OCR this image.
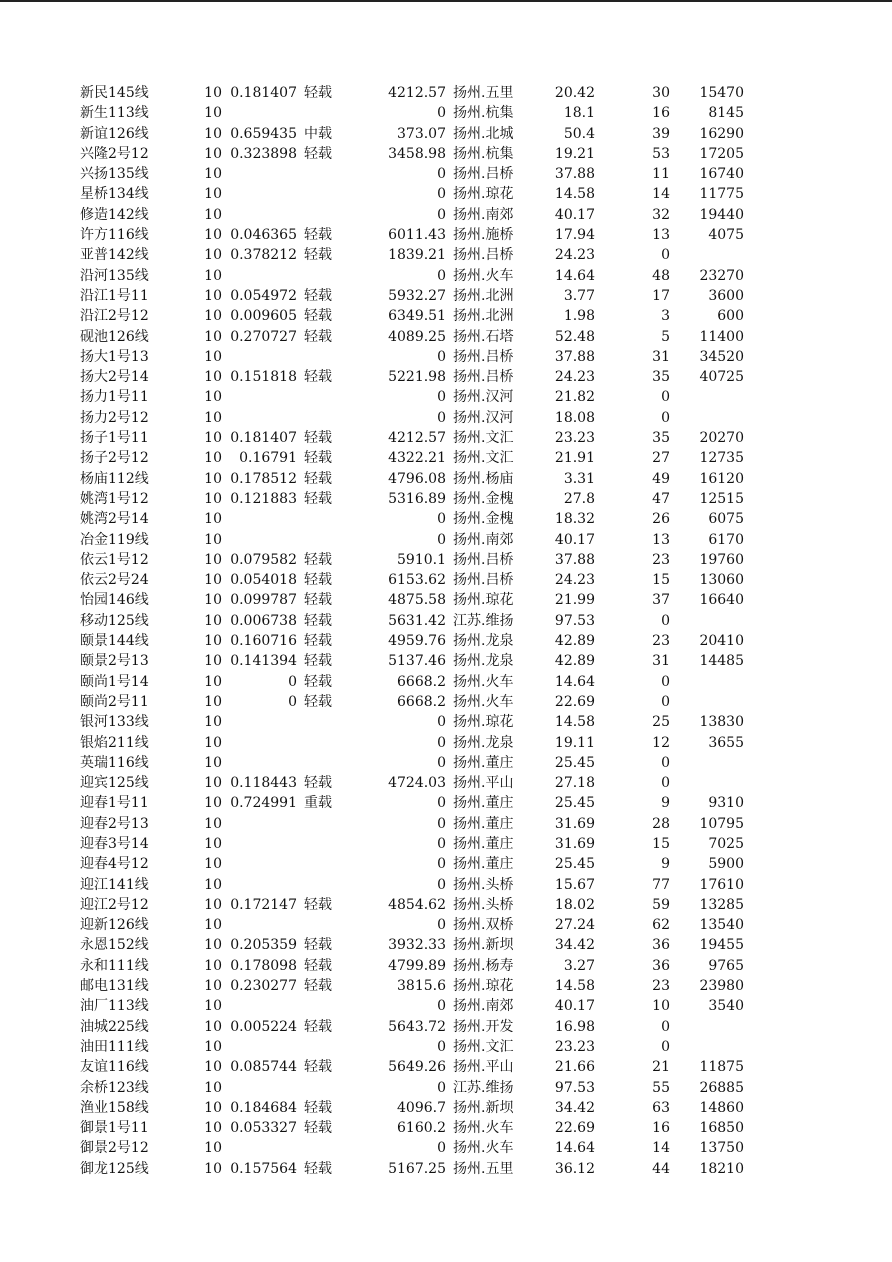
新民145线	10 0.181407 轻载	4212.57 扬州.五里	20.42	30	15470
新生113线	10	0 扬州.杭集	18.1	16	8145
新谊126线	10 0.659435 中载	373.07 扬州.北城	50.4	39	16290
兴隆2号12	10 0.323898 轻载	3458.98 扬州.杭集	19.21	53	17205
兴扬135线	10	0 扬州.吕桥	37.88	11	16740
星桥134线	10	0 扬州.琼花	14.58	14	11775
修造142线	10	0 扬州.南郊	40.17	32	19440
许方116线	10 0.046365 轻载	6011.43 扬州.施桥	17.94	13	4075
亚普142线	10 0.378212 轻载	1839.21 扬州.吕桥	24.23	0
沿河135线	10	0 扬州.火车	14.64	48	23270
沿江1号11	10 0.054972 轻载	5932.27 扬州.北洲	3.77	17	3600
沿江2号12	10 0.009605 轻载	6349.51 扬州.北洲	1.98	3	600
砚池126线	10 0.270727 轻载	4089.25 扬州.石塔	52.48	5	11400
扬大1号13	10	0 扬州.吕桥	37.88	31	34520
扬大2号14	10 0.151818 轻载	5221.98 扬州.吕桥	24.23	35	40725
扬力1号11	10	0 扬州.汉河	21.82	0
扬力2号12	10	0 扬州.汉河	18.08	0
扬子1号11	10 0.181407 轻载	4212.57 扬州.文汇	23.23	35	20270
扬子2号12	10	0.16791 轻载	4322.21 扬州.文汇	21.91	27	12735
杨庙112线	10 0.178512 轻载	4796.08 扬州.杨庙	3.31	49	16120
姚湾1号12	10 0.121883 轻载	5316.89 扬州.金槐	27.8	47	12515
姚湾2号14	10	0 扬州.金槐	18.32	26	6075
冶金119线	10	0 扬州.南郊	40.17	13	6170
依云1号12	10 0.079582 轻载	5910.1 扬州.吕桥	37.88	23	19760
依云2号24	10 0.054018 轻载	6153.62 扬州.吕桥	24.23	15	13060
怡园146线	10 0.099787 轻载	4875.58 扬州.琼花	21.99	37	16640
移动125线	10 0.006738 轻载	5631.42 江苏.维扬	97.53	0
颐景144线	10 0.160716 轻载	4959.76 扬州.龙泉	42.89	23	20410
颐景2号13	10 0.141394 轻载	5137.46 扬州.龙泉	42.89	31	14485
颐尚1号14	10	0 轻载	6668.2 扬州.火车	14.64	0
颐尚2号11	10	0 轻载	6668.2 扬州.火车	22.69	0
银河133线	10	0 扬州.琼花	14.58	25	13830
银焰211线	10	0 扬州.龙泉	19.11	12	3655
英瑞116线	10	0 扬州.董庄	25.45	0
迎宾125线	10 0.118443 轻载	4724.03 扬州.平山	27.18	0
迎春1号11	10 0.724991 重载	0 扬州.董庄	25.45	9	9310
迎春2号13	10	0 扬州.董庄	31.69	28	10795
迎春3号14	10	0 扬州.董庄	31.69	15	7025
迎春4号12	10	0 扬州.董庄	25.45	9	5900
迎江141线	10	0 扬州.头桥	15.67	77	17610
迎江2号12	10 0.172147 轻载	4854.62 扬州.头桥	18.02	59	13285
迎新126线	10	0 扬州.双桥	27.24	62	13540
永恩152线	10 0.205359 轻载	3932.33 扬州.新坝	34.42	36	19455
永和111线	10 0.178098 轻载	4799.89 扬州.杨寿	3.27	36	9765
邮电131线	10 0.230277 轻载	3815.6 扬州.琼花	14.58	23	23980
油厂113线	10	0 扬州.南郊	40.17	10	3540
油城225线	10 0.005224 轻载	5643.72 扬州.开发	16.98	0
油田111线	10	0 扬州.文汇	23.23	0
友谊116线	10 0.085744 轻载	5649.26 扬州.平山	21.66	21	11875
余桥123线	10	0 江苏.维扬	97.53	55	26885
渔业158线	10 0.184684 轻载	4096.7 扬州.新坝	34.42	63	14860
御景1号11	10 0.053327 轻载	6160.2 扬州.火车	22.69	16	16850
御景2号12	10	0 扬州.火车	14.64	14	13750
御龙125线	10 0.157564 轻载	5167.25 扬州.五里	36.12	44	18210
